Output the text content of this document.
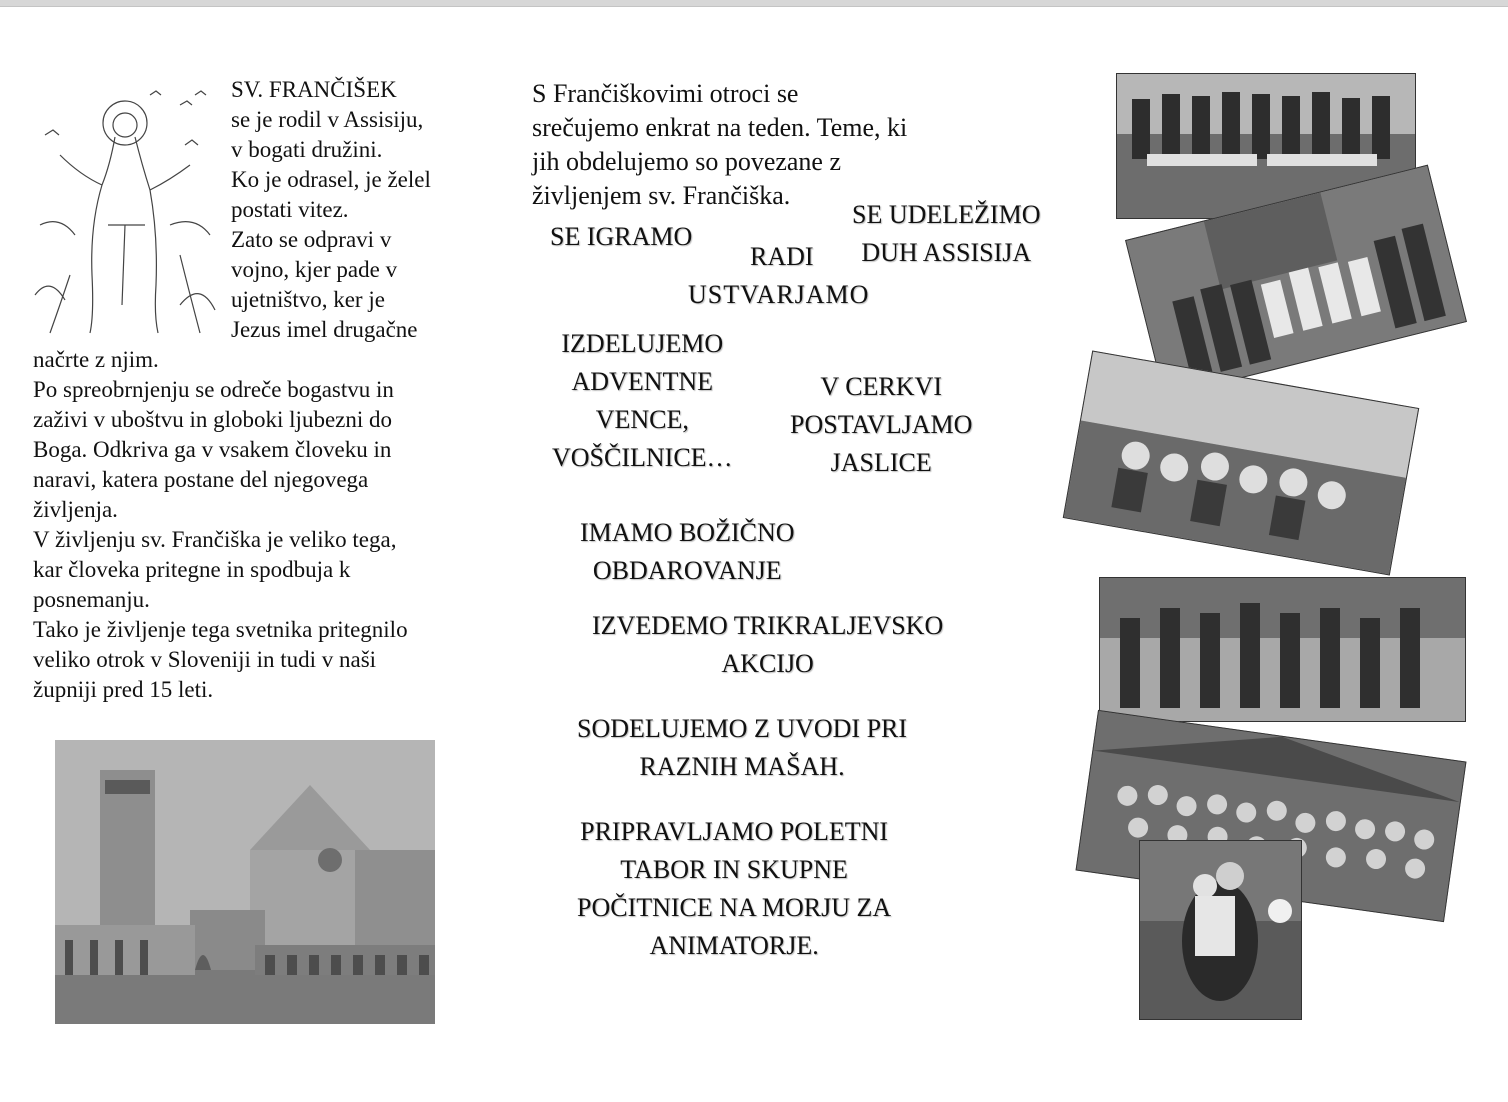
SV. FRANČIŠEK
se je rodil v Assisiju,
v bogati družini.
Ko je odrasel, je želel
postati vitez.
Zato se odpravi v
vojno, kjer pade v
ujetništvo, ker je
Jezus imel drugačne
načrte z njim.
Po spreobrnjenju se odreče bogastvu in
zaživi v uboštvu in globoki ljubezni do
Boga. Odkriva ga v vsakem človeku in
naravi, katera postane del njegovega
življenja.
V življenju sv. Frančiška je veliko tega,
kar človeka pritegne in spodbuja k
posnemanju.
Tako je življenje tega svetnika pritegnilo
veliko otrok v Sloveniji in tudi v naši
župniji pred 15 leti.
S Frančiškovimi otroci se
srečujemo enkrat na teden. Teme, ki
jih obdelujemo so povezane z
življenjem sv. Frančiška.
SE IGRAMO
SE UDELEŽIMO
DUH ASSISIJA
RADI
USTVARJAMO
IZDELUJEMO
ADVENTNE
VENCE,
VOŠČILNICE…
V CERKVI
POSTAVLJAMO
JASLICE
IMAMO BOŽIČNO
OBDAROVANJE
IZVEDEMO TRIKRALJEVSKO
AKCIJO
SODELUJEMO Z UVODI PRI
RAZNIH MAŠAH.
PRIPRAVLJAMO POLETNI
TABOR IN SKUPNE
POČITNICE NA MORJU ZA
ANIMATORJE.
